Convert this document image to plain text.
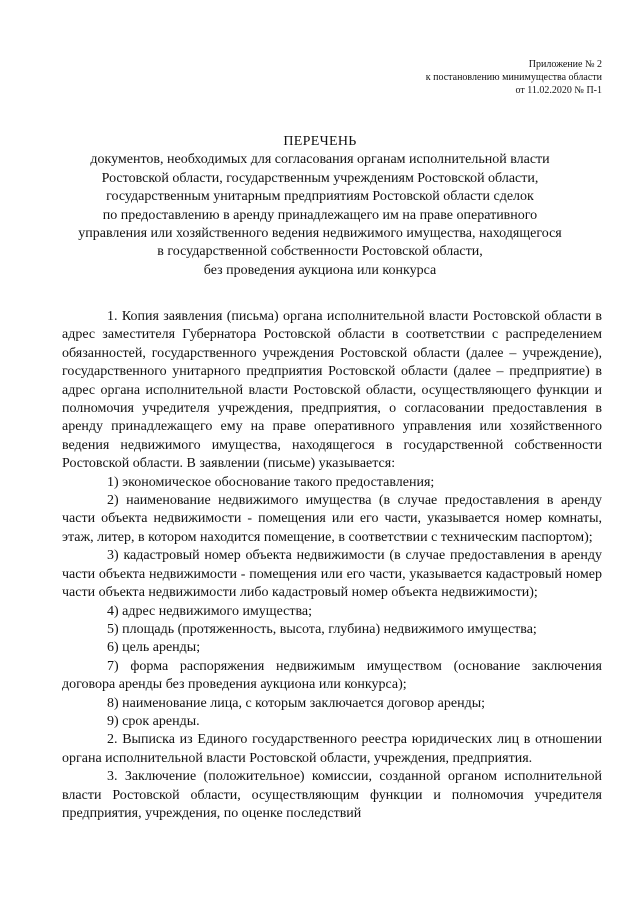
Приложение № 2
к постановлению минимущества области
от 11.02.2020 № П-1
ПЕРЕЧЕНЬ
документов, необходимых для согласования органам исполнительной власти
Ростовской области, государственным учреждениям Ростовской области,
государственным унитарным предприятиям Ростовской области сделок
по предоставлению в аренду принадлежащего им на праве оперативного
управления или хозяйственного ведения недвижимого имущества, находящегося
в государственной собственности Ростовской области,
без проведения аукциона или конкурса

1. Копия заявления (письма) органа исполнительной власти Ростовской области в адрес заместителя Губернатора Ростовской области в соответствии с распределением обязанностей, государственного учреждения Ростовской области (далее – учреждение), государственного унитарного предприятия Ростовской области (далее – предприятие) в адрес органа исполнительной власти Ростовской области, осуществляющего функции и полномочия учредителя учреждения, предприятия, о согласовании предоставления в аренду принадлежащего ему на праве оперативного управления или хозяйственного ведения недвижимого имущества, находящегося в государственной собственности Ростовской области. В заявлении (письме) указывается:

1) экономическое обоснование такого предоставления;

2) наименование недвижимого имущества (в случае предоставления в аренду части объекта недвижимости - помещения или его части, указывается номер комнаты, этаж, литер, в котором находится помещение, в соответствии с техническим паспортом);

3) кадастровый номер объекта недвижимости (в случае предоставления в аренду части объекта недвижимости - помещения или его части, указывается кадастровый номер части объекта недвижимости либо кадастровый номер объекта недвижимости);

4) адрес недвижимого имущества;

5) площадь (протяженность, высота, глубина) недвижимого имущества;

6) цель аренды;

7) форма распоряжения недвижимым имуществом (основание заключения договора аренды без проведения аукциона или конкурса);

8) наименование лица, с которым заключается договор аренды;

9) срок аренды.

2. Выписка из Единого государственного реестра юридических лиц в отношении органа исполнительной власти Ростовской области, учреждения, предприятия.

3. Заключение (положительное) комиссии, созданной органом исполнительной власти Ростовской области, осуществляющим функции и полномочия учредителя предприятия, учреждения, по оценке последствий
